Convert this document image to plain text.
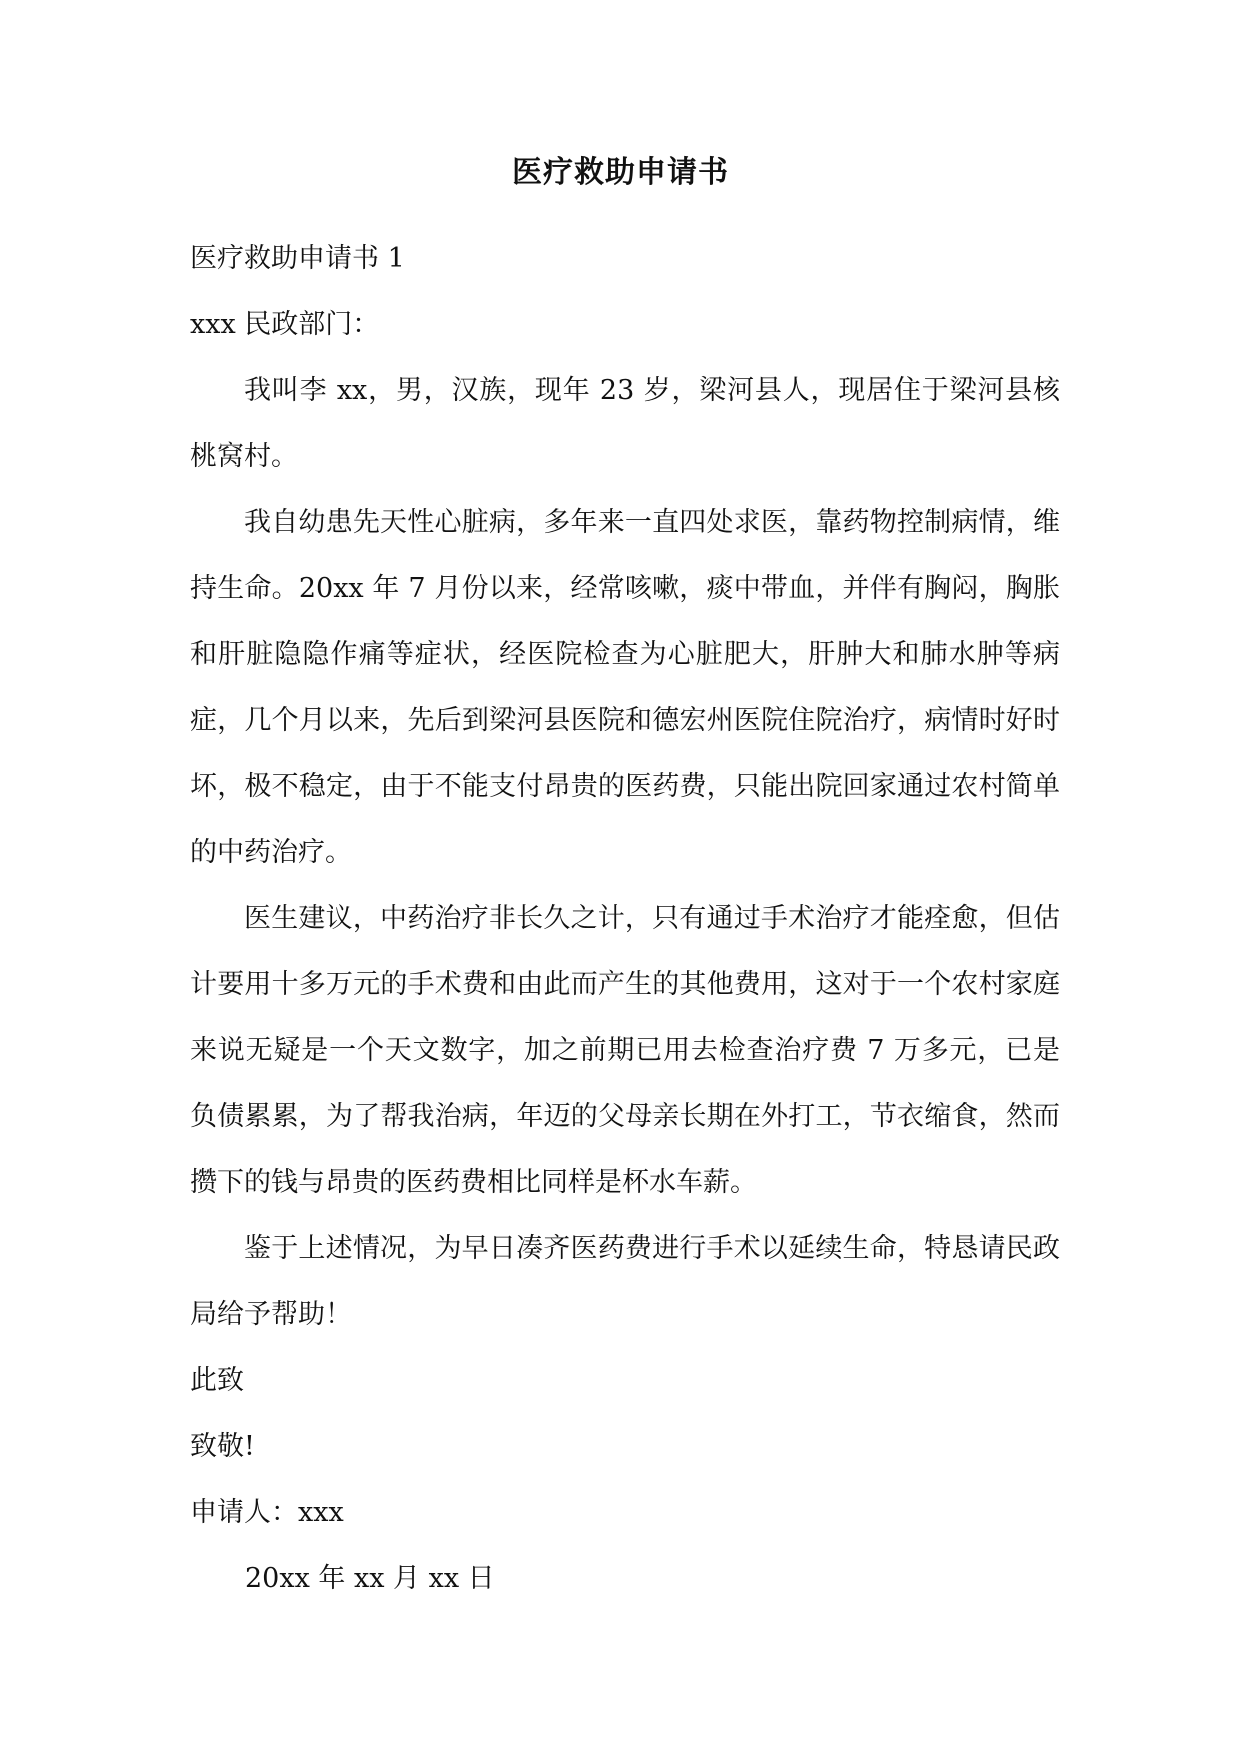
医疗救助申请书

医疗救助申请书 1

xxx 民政部门：

我叫李 xx，男，汉族，现年 23 岁，梁河县人，现居住于梁河县核桃窝村。

我自幼患先天性心脏病，多年来一直四处求医，靠药物控制病情，维持生命。20xx 年 7 月份以来，经常咳嗽，痰中带血，并伴有胸闷，胸胀和肝脏隐隐作痛等症状，经医院检查为心脏肥大，肝肿大和肺水肿等病症，几个月以来，先后到梁河县医院和德宏州医院住院治疗，病情时好时坏，极不稳定，由于不能支付昂贵的医药费，只能出院回家通过农村简单的中药治疗。

医生建议，中药治疗非长久之计，只有通过手术治疗才能痊愈，但估计要用十多万元的手术费和由此而产生的其他费用，这对于一个农村家庭来说无疑是一个天文数字，加之前期已用去检查治疗费 7 万多元，已是负债累累，为了帮我治病，年迈的父母亲长期在外打工，节衣缩食，然而攒下的钱与昂贵的医药费相比同样是杯水车薪。

鉴于上述情况，为早日凑齐医药费进行手术以延续生命，特恳请民政局给予帮助！

此致

致敬!

申请人：xxx

20xx 年 xx 月 xx 日
